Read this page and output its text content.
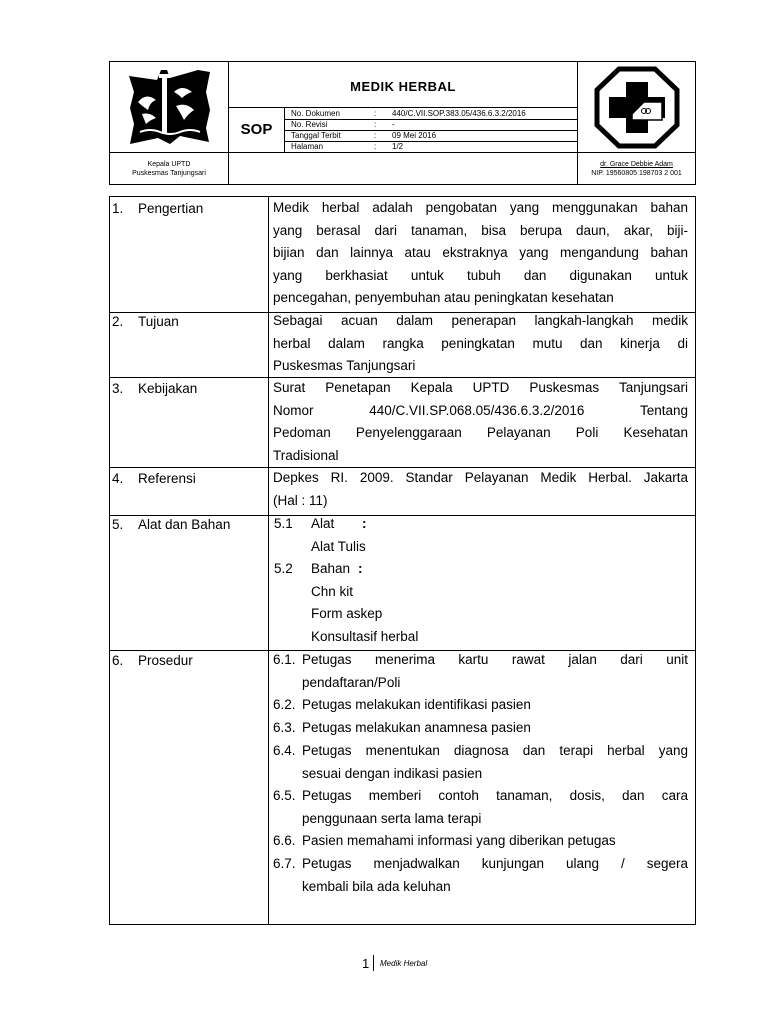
MEDIK HERBAL
SOP
No. Dokumen	: 440/C.VII.SOP.383.05/436.6.3.2/2016
No. Revisi	: -
Tanggal Terbit	: 09 Mei 2016
Halaman	: 1/2
Kepala UPTD
Puskesmas Tanjungsari
dr. Grace Debbie Adam
NIP. 19560805 198703 2 001
1. Pengertian	Medik herbal adalah pengobatan yang menggunakan bahan
yang berasal dari tanaman, bisa berupa daun, akar, biji-
bijian dan lainnya atau ekstraknya yang mengandung bahan
yang berkhasiat untuk tubuh dan digunakan untuk
pencegahan, penyembuhan atau peningkatan kesehatan
2. Tujuan	Sebagai acuan dalam penerapan langkah-langkah medik
herbal dalam rangka peningkatan mutu dan kinerja di
Puskesmas Tanjungsari
3. Kebijakan	Surat Penetapan Kepala UPTD Puskesmas Tanjungsari
Nomor 440/C.VII.SP.068.05/436.6.3.2/2016 Tentang
Pedoman Penyelenggaraan Pelayanan Poli Kesehatan
Tradisional
4. Referensi	Depkes RI. 2009. Standar Pelayanan Medik Herbal. Jakarta
(Hal : 11)
5. Alat dan Bahan	5.1 Alat :
Alat Tulis
5.2 Bahan :
Chn kit
Form askep
Konsultasif herbal
6. Prosedur	6.1. Petugas menerima kartu rawat jalan dari unit
pendaftaran/Poli
6.2. Petugas melakukan identifikasi pasien
6.3. Petugas melakukan anamnesa pasien
6.4. Petugas menentukan diagnosa dan terapi herbal yang
sesuai dengan indikasi pasien
6.5. Petugas memberi contoh tanaman, dosis, dan cara
penggunaan serta lama terapi
6.6. Pasien memahami informasi yang diberikan petugas
6.7. Petugas menjadwalkan kunjungan ulang / segera
kembali bila ada keluhan
1 Medik Herbal
